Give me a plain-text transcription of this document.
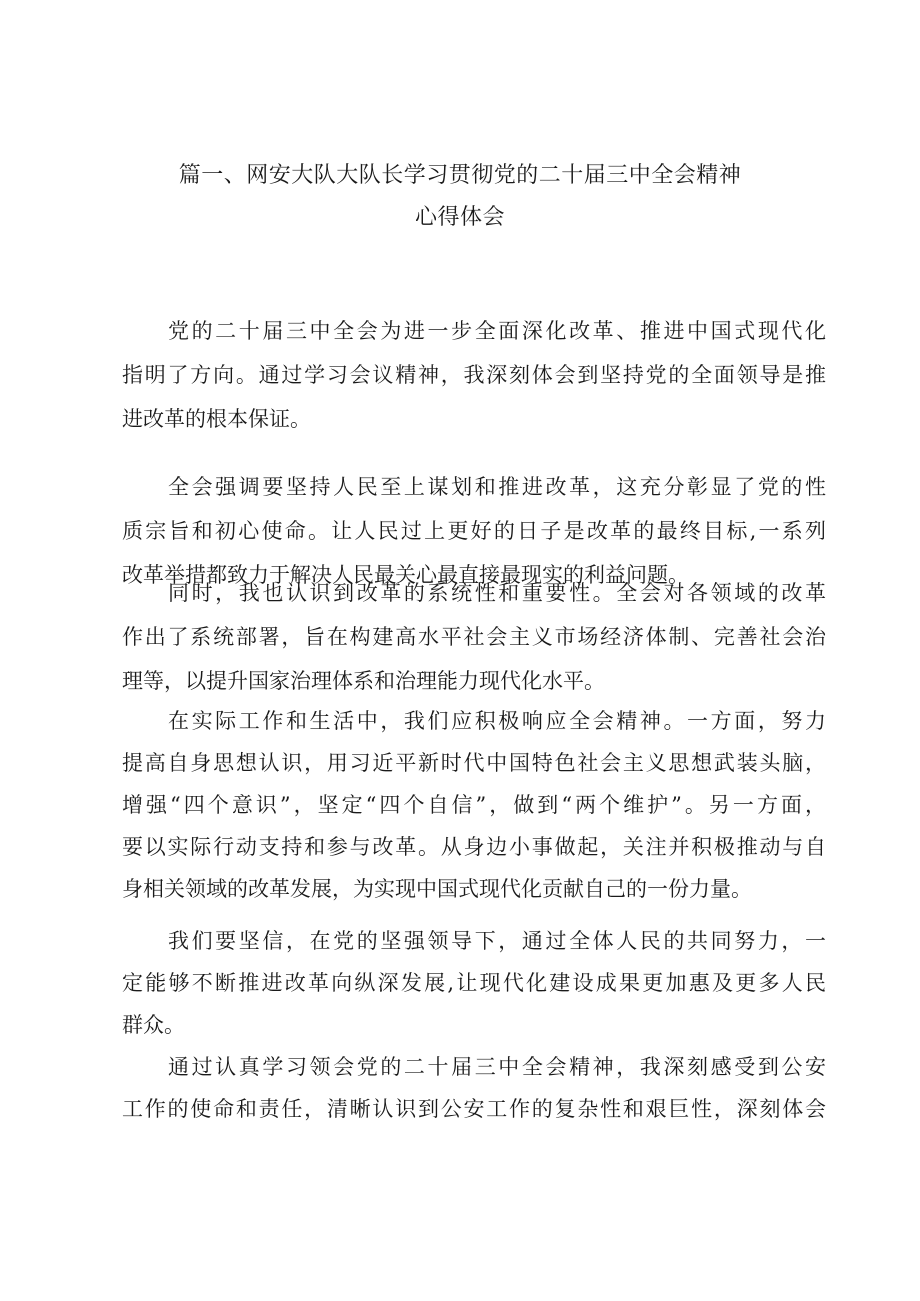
篇一、网安大队大队长学习贯彻党的二十届三中全会精神
心得体会
党的二十届三中全会为进一步全面深化改革、推进中国式现代化
指明了方向。通过学习会议精神，我深刻体会到坚持党的全面领导是推
进改革的根本保证。
全会强调要坚持人民至上谋划和推进改革，这充分彰显了党的性
质宗旨和初心使命。让人民过上更好的日子是改革的最终目标,一系列
改革举措都致力于解决人民最关心最直接最现实的利益问题。
同时，我也认识到改革的系统性和重要性。全会对各领域的改革
作出了系统部署，旨在构建高水平社会主义市场经济体制、完善社会治
理等，以提升国家治理体系和治理能力现代化水平。
在实际工作和生活中，我们应积极响应全会精神。一方面，努力
提高自身思想认识，用习近平新时代中国特色社会主义思想武装头脑，
增强“四个意识”，坚定“四个自信”，做到“两个维护”。另一方面，
要以实际行动支持和参与改革。从身边小事做起，关注并积极推动与自
身相关领域的改革发展，为实现中国式现代化贡献自己的一份力量。
我们要坚信，在党的坚强领导下，通过全体人民的共同努力，一
定能够不断推进改革向纵深发展,让现代化建设成果更加惠及更多人民
群众。
通过认真学习领会党的二十届三中全会精神，我深刻感受到公安
工作的使命和责任，清晰认识到公安工作的复杂性和艰巨性，深刻体会
